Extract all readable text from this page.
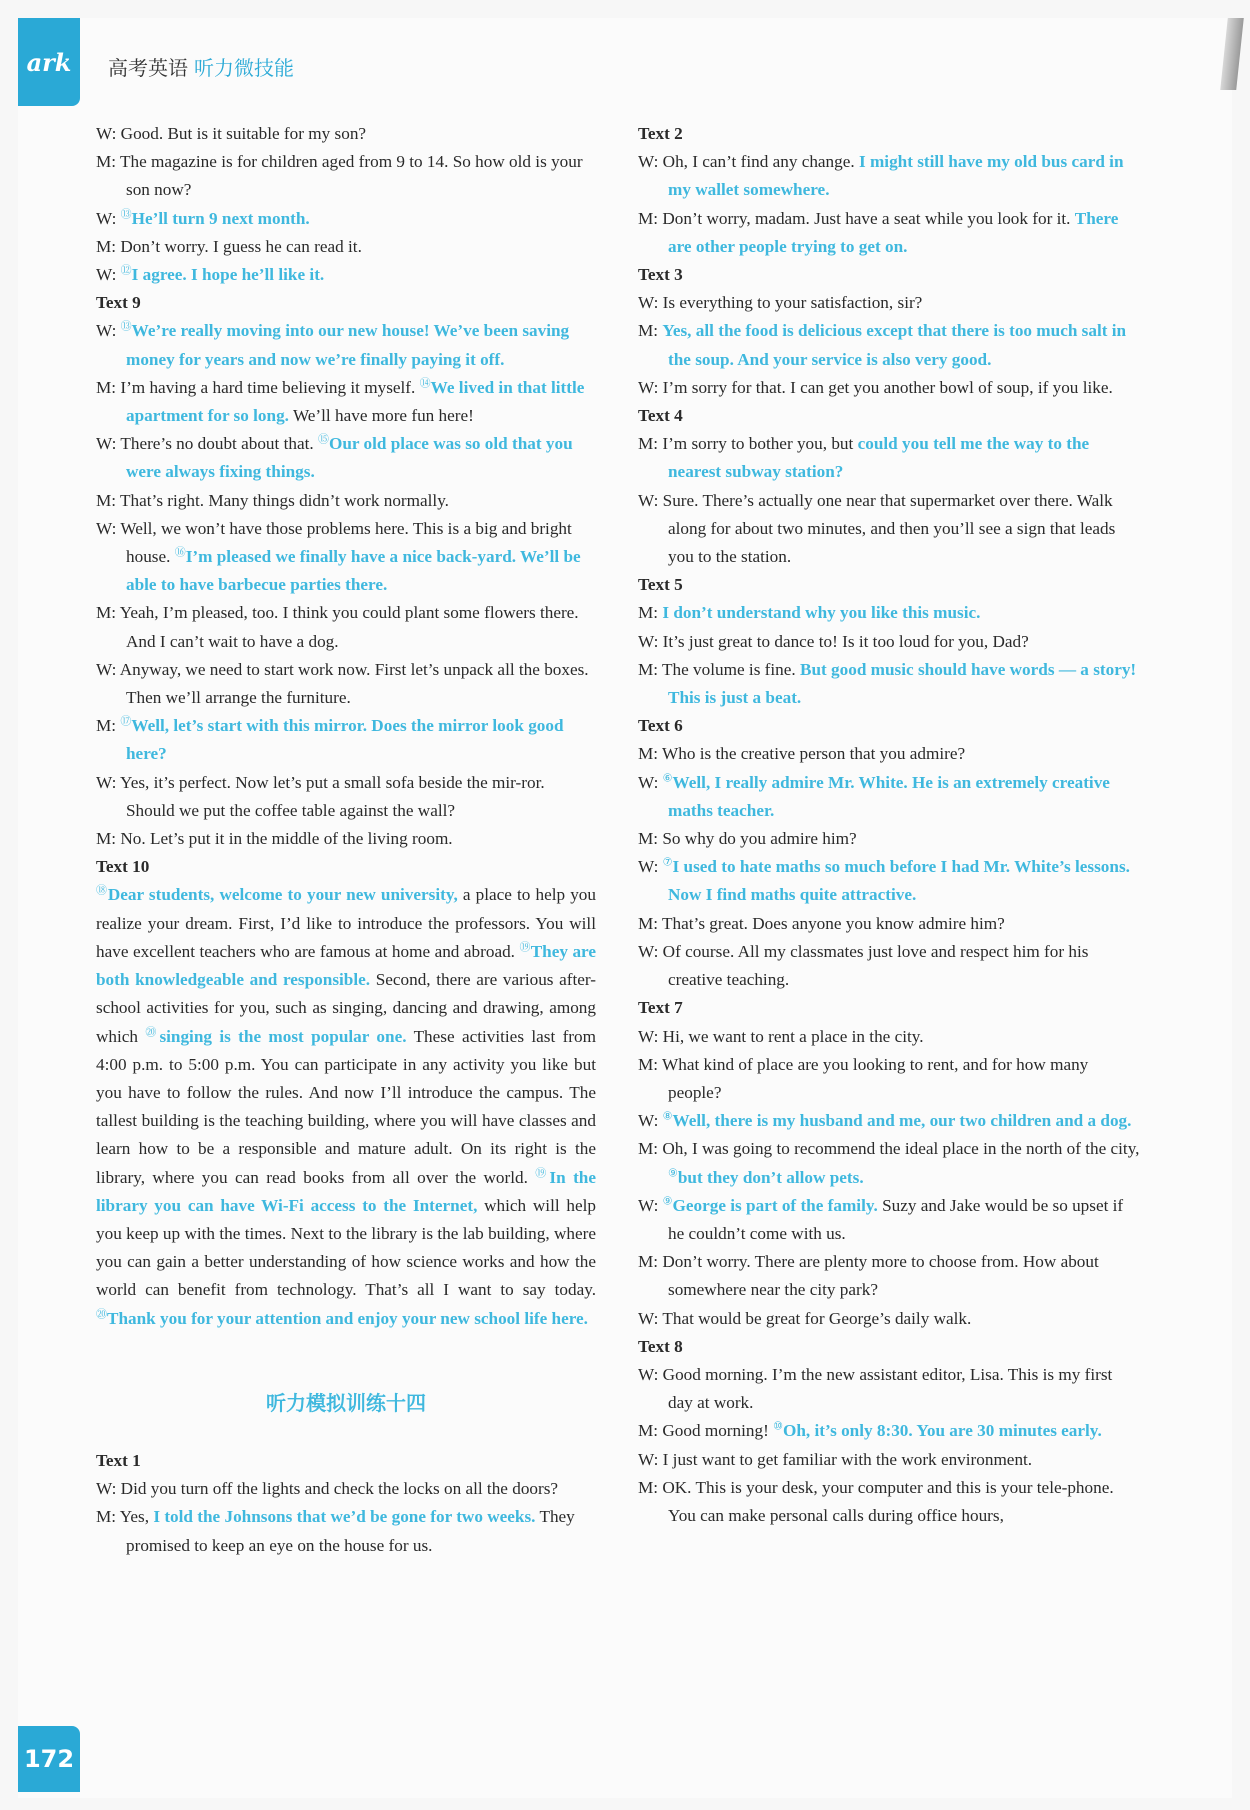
ark 高考英语 听力微技能

W: Good. But is it suitable for my son?

M: The magazine is for children aged from 9 to 14. So how old is your son now?

W: ⑬He’ll turn 9 next month.

M: Don’t worry. I guess he can read it.

W: ⑫I agree. I hope he’ll like it.

Text 9

W: ⑬We’re really moving into our new house! We’ve been saving money for years and now we’re finally paying it off.

M: I’m having a hard time believing it myself. ⑭We lived in that little apartment for so long. We’ll have more fun here!

W: There’s no doubt about that. ⑮Our old place was so old that you were always fixing things.

M: That’s right. Many things didn’t work normally.

W: Well, we won’t have those problems here. This is a big and bright house. ⑯I’m pleased we finally have a nice back-yard. We’ll be able to have barbecue parties there.

M: Yeah, I’m pleased, too. I think you could plant some flowers there. And I can’t wait to have a dog.

W: Anyway, we need to start work now. First let’s unpack all the boxes. Then we’ll arrange the furniture.

M: ⑰Well, let’s start with this mirror. Does the mirror look good here?

W: Yes, it’s perfect. Now let’s put a small sofa beside the mir-ror. Should we put the coffee table against the wall?

M: No. Let’s put it in the middle of the living room.

Text 10

⑱Dear students, welcome to your new university, a place to help you realize your dream. First, I’d like to introduce the professors. You will have excellent teachers who are famous at home and abroad. ⑲They are both knowledgeable and responsible. Second, there are various after-school activities for you, such as singing, dancing and drawing, among which ⑳singing is the most popular one. These activities last from 4:00 p.m. to 5:00 p.m. You can participate in any activity you like but you have to follow the rules. And now I’ll introduce the campus. The tallest building is the teaching building, where you will have classes and learn how to be a responsible and mature adult. On its right is the library, where you can read books from all over the world. ⑲In the library you can have Wi-Fi access to the Internet, which will help you keep up with the times. Next to the library is the lab building, where you can gain a better understanding of how science works and how the world can benefit from technology. That’s all I want to say today. ⑳Thank you for your attention and enjoy your new school life here.

听力模拟训练十四

Text 1

W: Did you turn off the lights and check the locks on all the doors?

M: Yes, I told the Johnsons that we’d be gone for two weeks. They promised to keep an eye on the house for us.

Text 2

W: Oh, I can’t find any change. I might still have my old bus card in my wallet somewhere.

M: Don’t worry, madam. Just have a seat while you look for it. There are other people trying to get on.

Text 3

W: Is everything to your satisfaction, sir?

M: Yes, all the food is delicious except that there is too much salt in the soup. And your service is also very good.

W: I’m sorry for that. I can get you another bowl of soup, if you like.

Text 4

M: I’m sorry to bother you, but could you tell me the way to the nearest subway station?

W: Sure. There’s actually one near that supermarket over there. Walk along for about two minutes, and then you’ll see a sign that leads you to the station.

Text 5

M: I don’t understand why you like this music.

W: It’s just great to dance to! Is it too loud for you, Dad?

M: The volume is fine. But good music should have words — a story! This is just a beat.

Text 6

M: Who is the creative person that you admire?

W: ⑥Well, I really admire Mr. White. He is an extremely creative maths teacher.

M: So why do you admire him?

W: ⑦I used to hate maths so much before I had Mr. White’s lessons. Now I find maths quite attractive.

M: That’s great. Does anyone you know admire him?

W: Of course. All my classmates just love and respect him for his creative teaching.

Text 7

W: Hi, we want to rent a place in the city.

M: What kind of place are you looking to rent, and for how many people?

W: ⑧Well, there is my husband and me, our two children and a dog.

M: Oh, I was going to recommend the ideal place in the north of the city, ⑨but they don’t allow pets.

W: ⑨George is part of the family. Suzy and Jake would be so upset if he couldn’t come with us.

M: Don’t worry. There are plenty more to choose from. How about somewhere near the city park?

W: That would be great for George’s daily walk.

Text 8

W: Good morning. I’m the new assistant editor, Lisa. This is my first day at work.

M: Good morning! ⑩Oh, it’s only 8:30. You are 30 minutes early.

W: I just want to get familiar with the work environment.

M: OK. This is your desk, your computer and this is your tele-phone. You can make personal calls during office hours,

172
